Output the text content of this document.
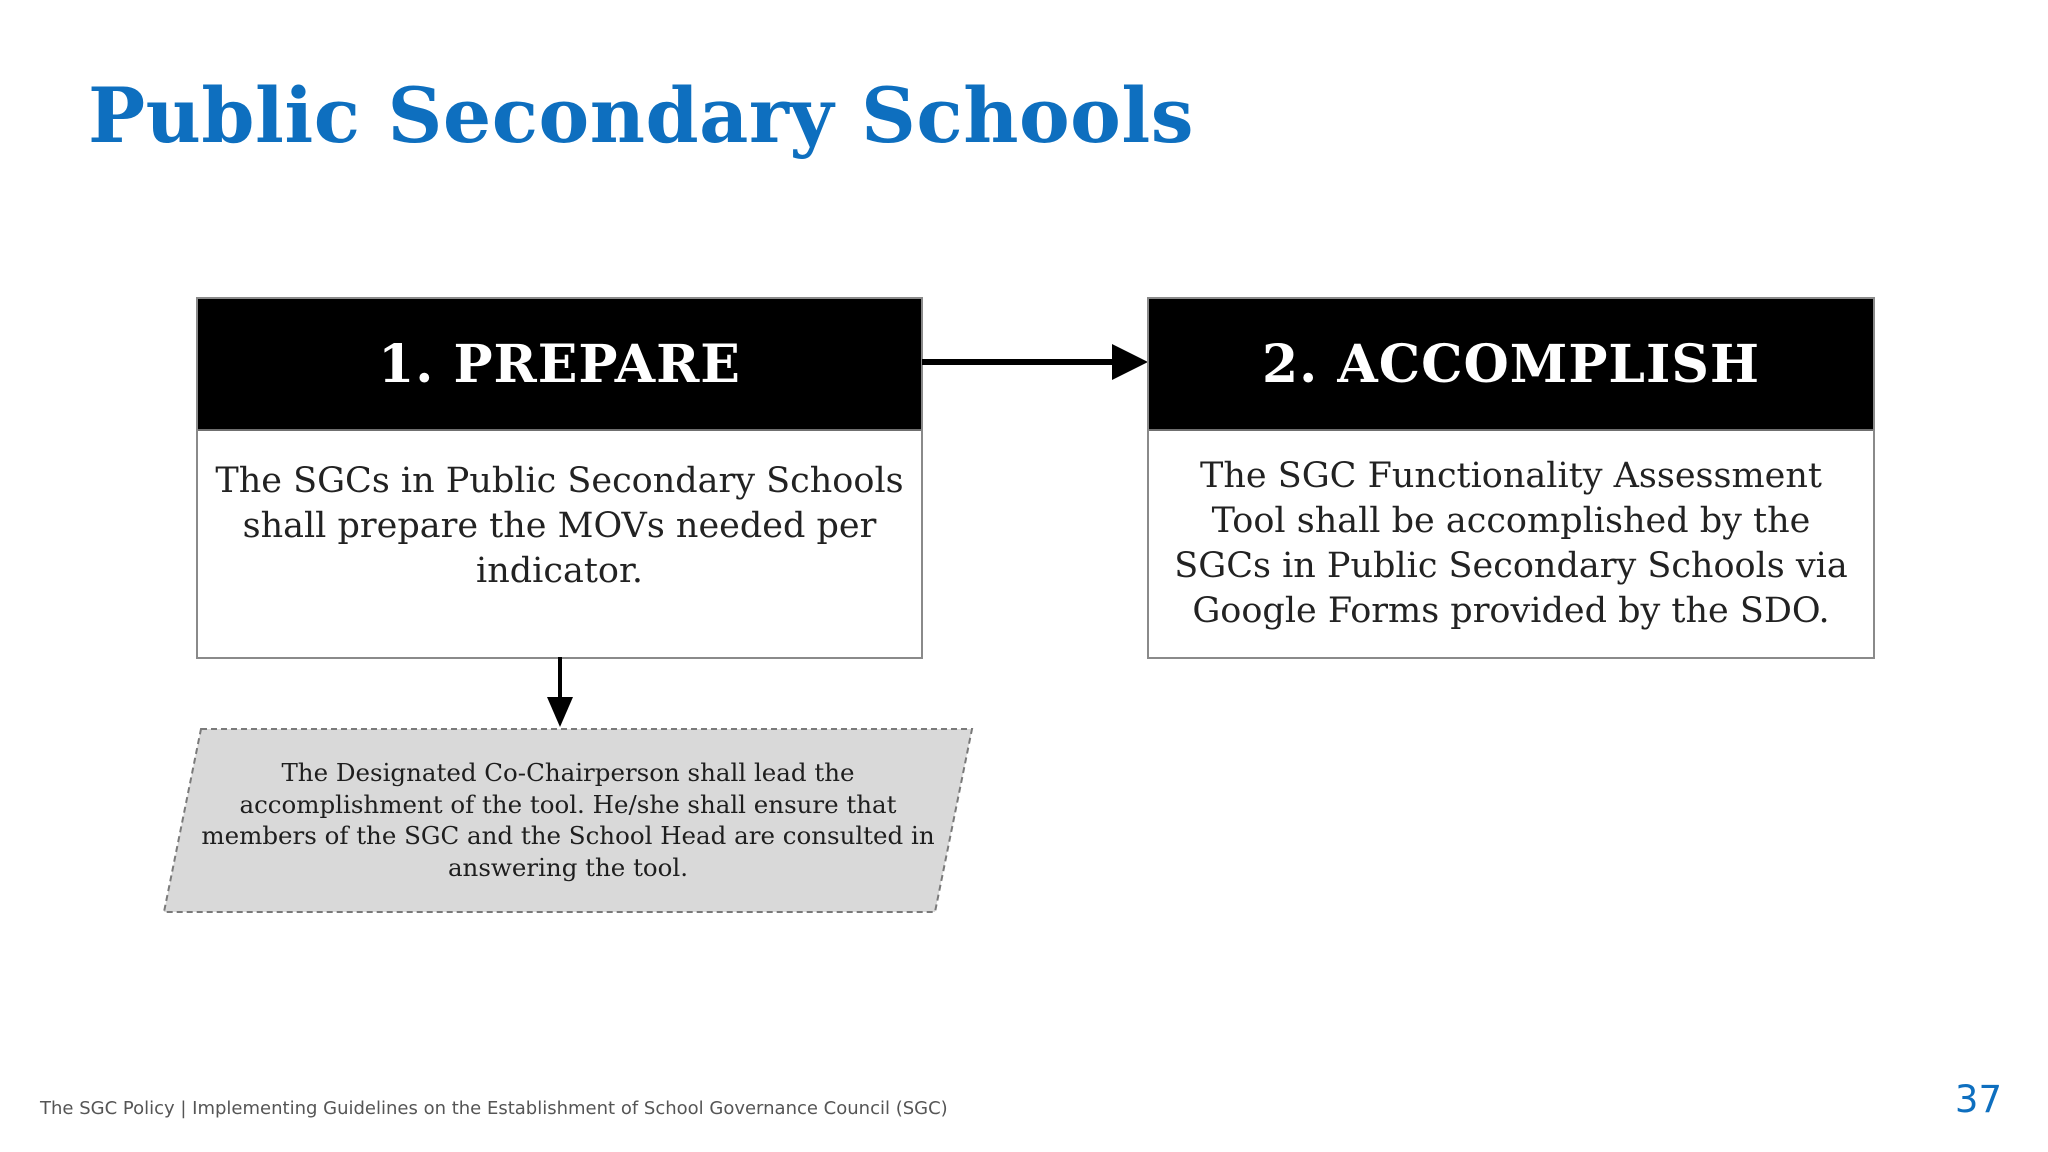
Public Secondary Schools
1. PREPARE
The SGCs in Public Secondary Schools shall prepare the MOVs needed per indicator.
2. ACCOMPLISH
The SGC Functionality Assessment Tool shall be accomplished by the SGCs in Public Secondary Schools via Google Forms provided by the SDO.
The Designated Co-Chairperson shall lead the accomplishment of the tool. He/she shall ensure that members of the SGC and the School Head are consulted in answering the tool.
The SGC Policy | Implementing Guidelines on the Establishment of School Governance Council (SGC)	37
